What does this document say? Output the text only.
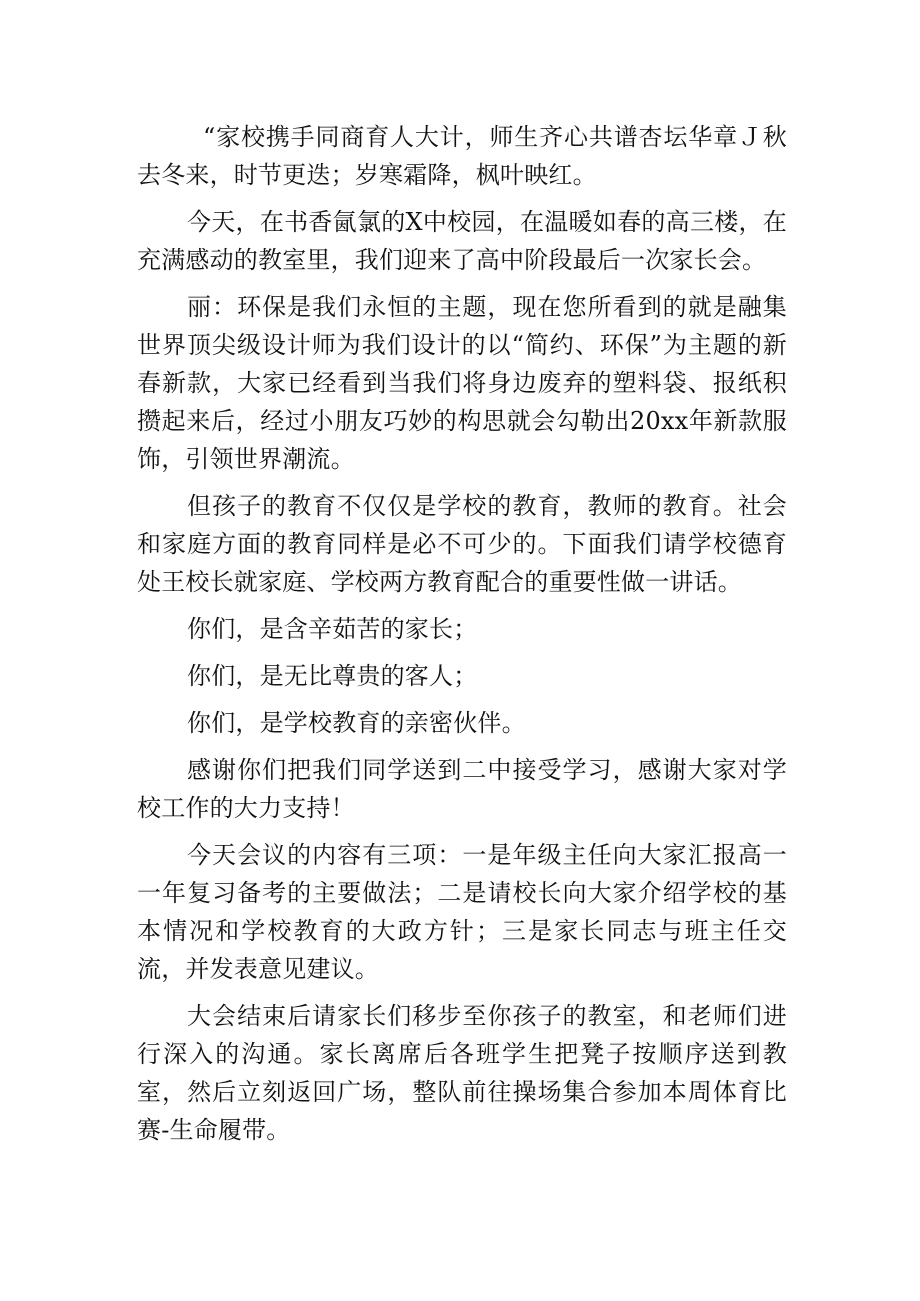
“家校携手同商育人大计，师生齐心共谱杏坛华章Ｊ秋去冬来，时节更迭；岁寒霜降，枫叶映红。

今天，在书香氤氯的X中校园，在温暖如春的高三楼，在充满感动的教室里，我们迎来了高中阶段最后一次家长会。

丽：环保是我们永恒的主题，现在您所看到的就是融集世界顶尖级设计师为我们设计的以“简约、环保”为主题的新春新款，大家已经看到当我们将身边废弃的塑料袋、报纸积攒起来后，经过小朋友巧妙的构思就会勾勒出20xx年新款服饰，引领世界潮流。

但孩子的教育不仅仅是学校的教育，教师的教育。社会和家庭方面的教育同样是必不可少的。下面我们请学校德育处王校长就家庭、学校两方教育配合的重要性做一讲话。

你们，是含辛茹苦的家长；

你们，是无比尊贵的客人；

你们，是学校教育的亲密伙伴。

感谢你们把我们同学送到二中接受学习，感谢大家对学校工作的大力支持！

今天会议的内容有三项：一是年级主任向大家汇报高一一年复习备考的主要做法；二是请校长向大家介绍学校的基本情况和学校教育的大政方针；三是家长同志与班主任交流，并发表意见建议。

大会结束后请家长们移步至你孩子的教室，和老师们进行深入的沟通。家长离席后各班学生把凳子按顺序送到教室，然后立刻返回广场，整队前往操场集合参加本周体育比赛-生命履带。
